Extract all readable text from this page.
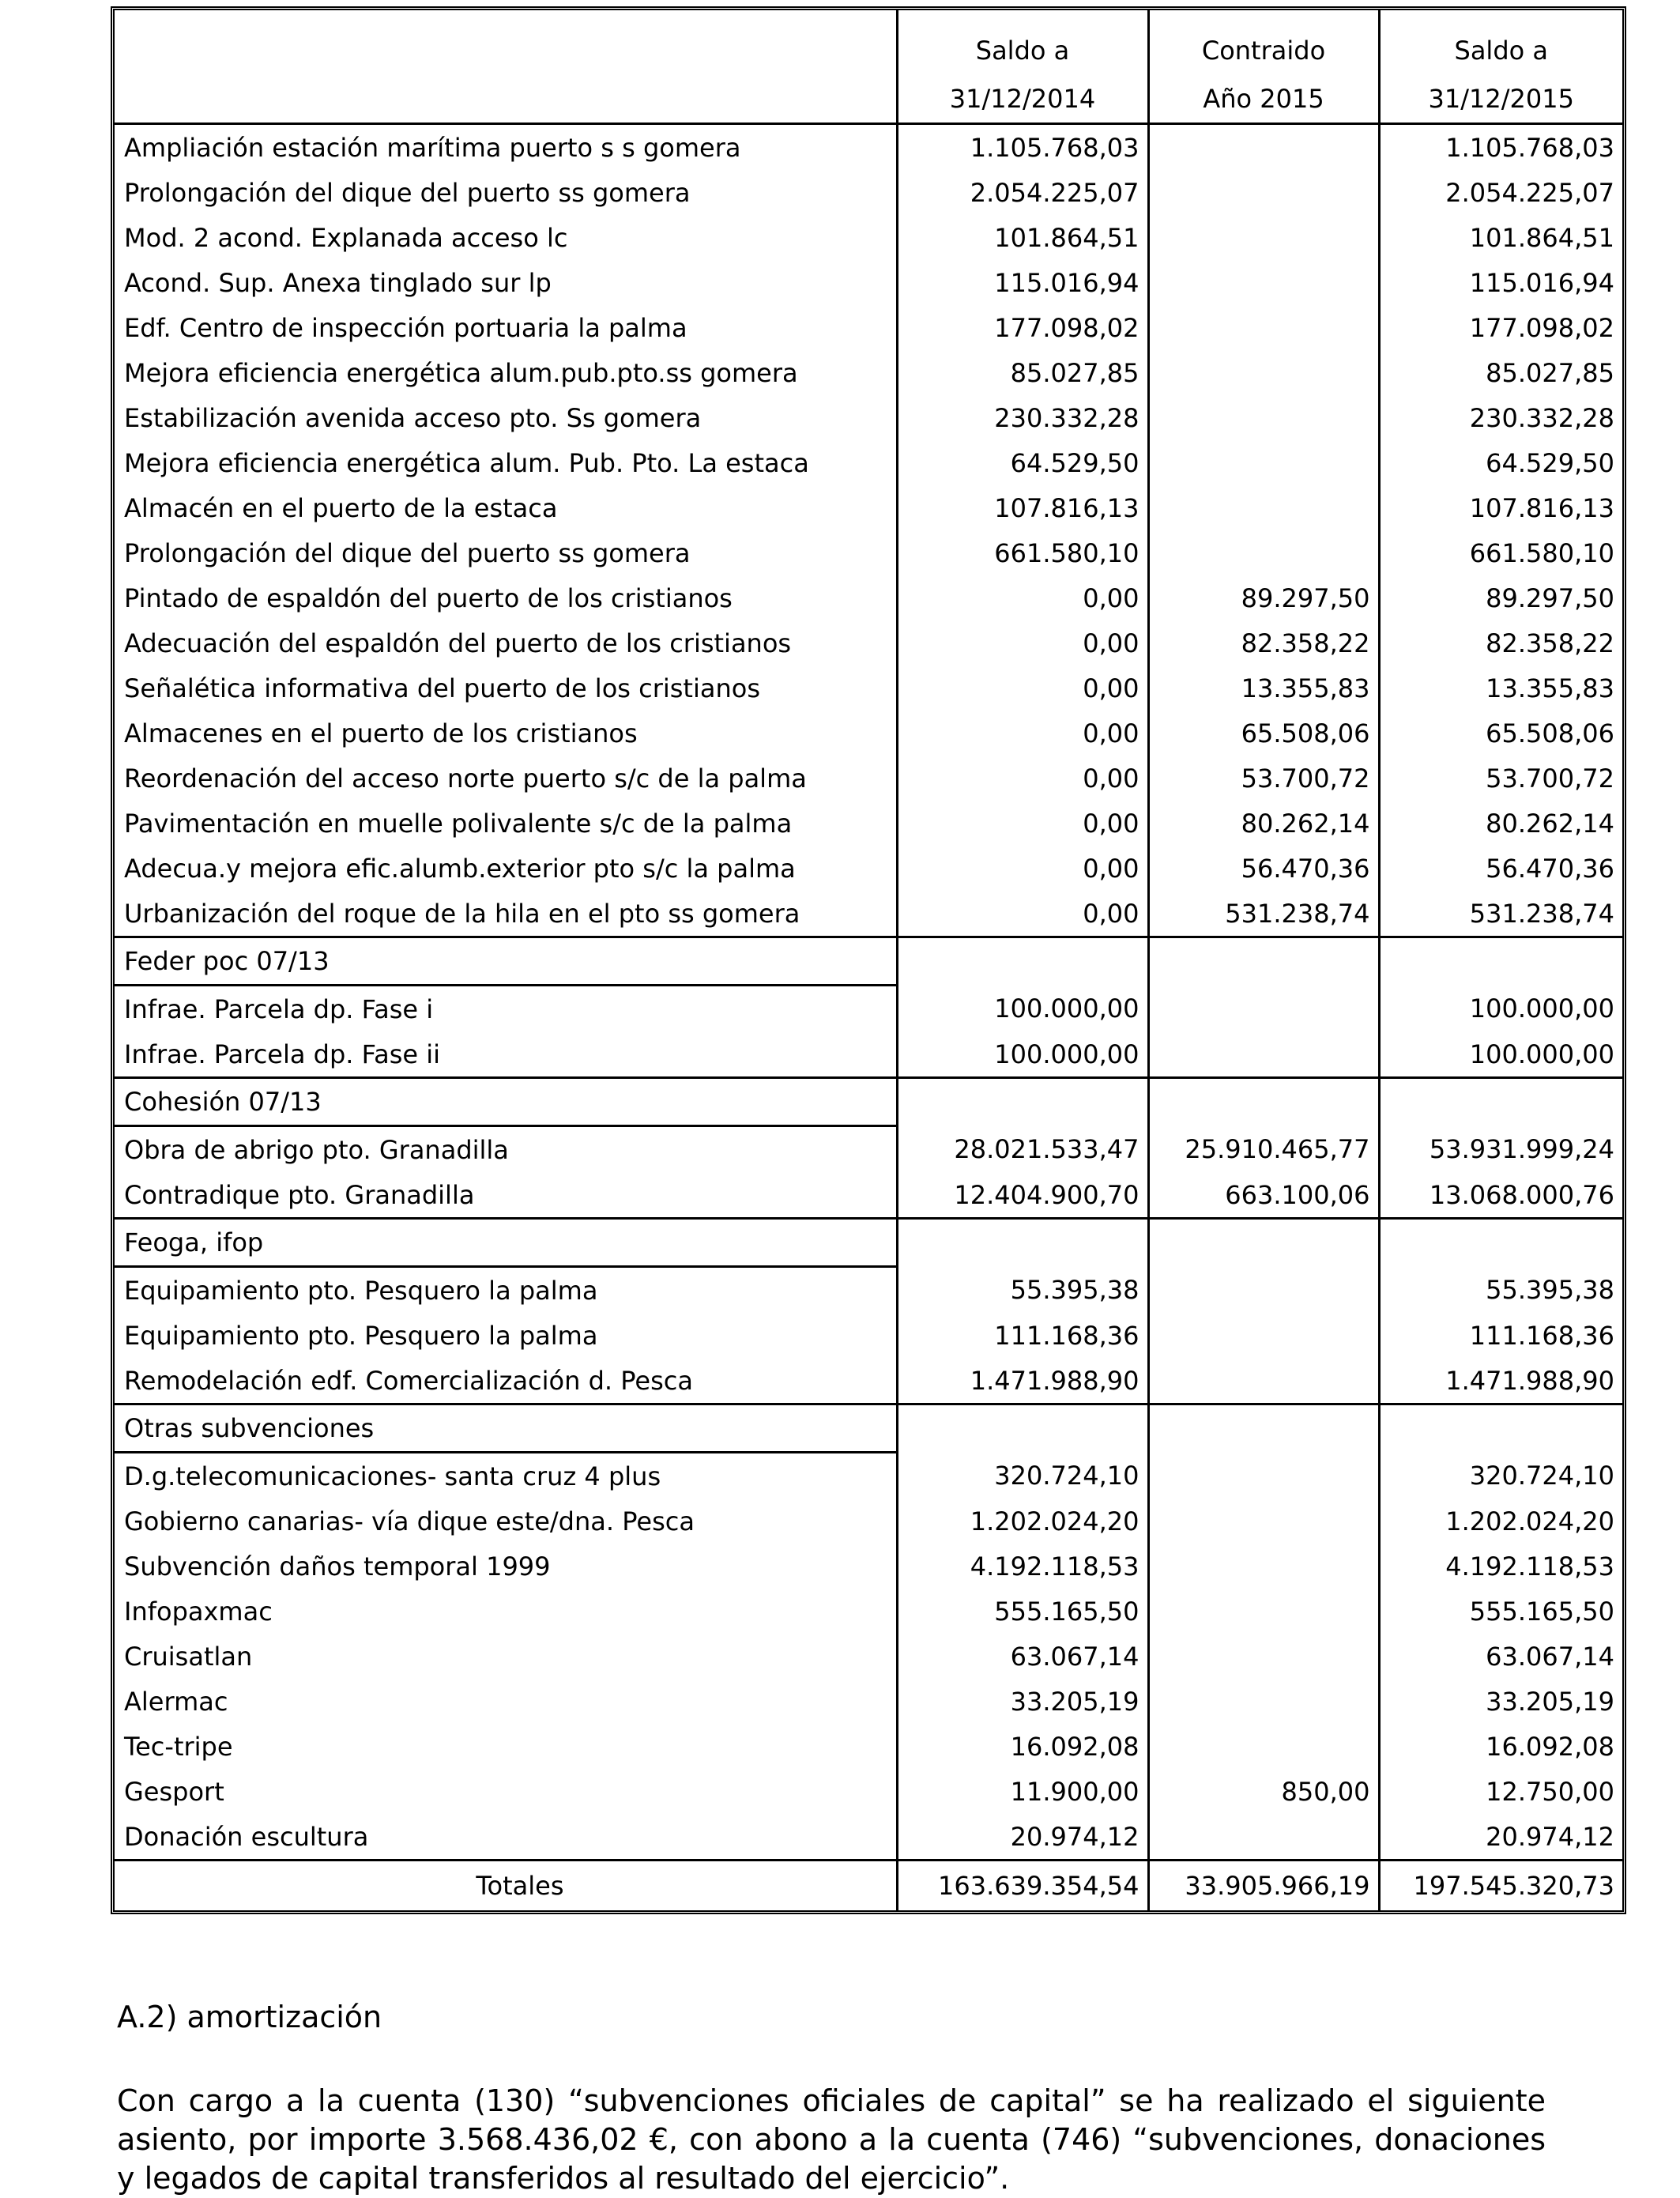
	Saldo a	Contraido	Saldo a
	31/12/2014	Año 2015	31/12/2015
Ampliación estación marítima puerto s s gomera	1.105.768,03		1.105.768,03
Prolongación del dique del puerto ss gomera	2.054.225,07		2.054.225,07
Mod. 2 acond. Explanada acceso lc	101.864,51		101.864,51
Acond. Sup. Anexa tinglado sur lp	115.016,94		115.016,94
Edf. Centro de inspección portuaria la palma	177.098,02		177.098,02
Mejora eficiencia energética alum.pub.pto.ss gomera	85.027,85		85.027,85
Estabilización avenida acceso pto. Ss gomera	230.332,28		230.332,28
Mejora eficiencia energética alum. Pub. Pto. La estaca	64.529,50		64.529,50
Almacén en el puerto de la estaca	107.816,13		107.816,13
Prolongación del dique del puerto ss gomera	661.580,10		661.580,10
Pintado de espaldón del puerto de los cristianos	0,00	89.297,50	89.297,50
Adecuación del espaldón del puerto de los cristianos	0,00	82.358,22	82.358,22
Señalética informativa del puerto de los cristianos	0,00	13.355,83	13.355,83
Almacenes en el puerto de los cristianos	0,00	65.508,06	65.508,06
Reordenación del acceso norte puerto s/c de la palma	0,00	53.700,72	53.700,72
Pavimentación en muelle polivalente s/c de la palma	0,00	80.262,14	80.262,14
Adecua.y mejora efic.alumb.exterior pto s/c la palma	0,00	56.470,36	56.470,36
Urbanización del roque de la hila en el pto ss gomera	0,00	531.238,74	531.238,74
Feder poc 07/13			
Infrae. Parcela dp. Fase i	100.000,00		100.000,00
Infrae. Parcela dp. Fase ii	100.000,00		100.000,00
Cohesión 07/13			
Obra de abrigo pto. Granadilla	28.021.533,47	25.910.465,77	53.931.999,24
Contradique pto. Granadilla	12.404.900,70	663.100,06	13.068.000,76
Feoga, ifop			
Equipamiento pto. Pesquero la palma	55.395,38		55.395,38
Equipamiento pto. Pesquero la palma	111.168,36		111.168,36
Remodelación edf. Comercialización d. Pesca	1.471.988,90		1.471.988,90
Otras subvenciones			
D.g.telecomunicaciones- santa cruz 4 plus	320.724,10		320.724,10
Gobierno canarias- vía dique este/dna. Pesca	1.202.024,20		1.202.024,20
Subvención daños temporal 1999	4.192.118,53		4.192.118,53
Infopaxmac	555.165,50		555.165,50
Cruisatlan	63.067,14		63.067,14
Alermac	33.205,19		33.205,19
Tec-tripe	16.092,08		16.092,08
Gesport	11.900,00	850,00	12.750,00
Donación escultura	20.974,12		20.974,12
Totales	163.639.354,54	33.905.966,19	197.545.320,73
A.2) amortización

Con cargo a la cuenta (130) “subvenciones oficiales de capital” se ha realizado el siguiente asiento, por importe 3.568.436,02 €, con abono a la cuenta (746) “subvenciones, donaciones y legados de capital transferidos al resultado del ejercicio”.
